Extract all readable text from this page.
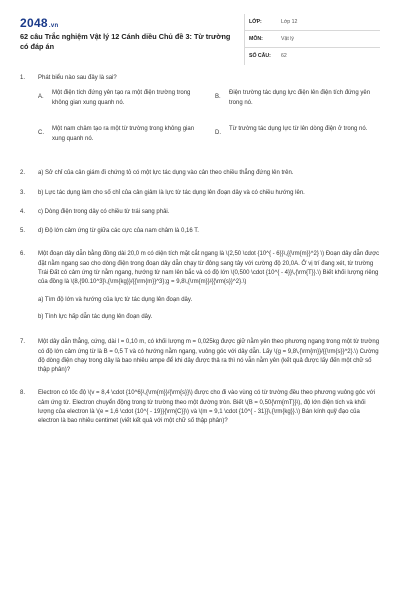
2048.vn
62 câu Trắc nghiệm Vật lý 12 Cánh diều Chủ đề 3: Từ trường có đáp án
LỚP:	Lớp 12
MÔN:	Vật lý
SỐ CÂU: 62
1. Phát biểu nào sau đây là sai?
A.
Một điện tích đứng yên tạo ra một điện trường trong không gian xung quanh nó.
B.
Điện trường tác dụng lực điện lên điện tích đứng yên trong nó.
C.
Một nam châm tạo ra một từ trường trong không gian xung quanh nó.
D.
Từ trường tác dụng lực từ lên dòng điện ở trong nó.
2. a) Sở chỉ của cân giám đi chứng tỏ có một lực tác dụng vào cân theo chiều thẳng đứng lên trên.
3. b) Lực tác dụng làm cho số chỉ của cân giảm là lực từ tác dụng lên đoạn dây và có chiều hướng lên.
4. c) Dòng điện trong dây có chiều từ trái sang phải.
5. d) Độ lớn cảm ứng từ giữa các cực của nam châm là 0,16 T.
6. Một đoạn dây dẫn bằng đồng dài 20,0 m có diện tích mặt cắt ngang là \(2,50 \cdot {10^{ - 6}}\,{{\rm{m}}^2} \) Đoạn dây dẫn được đặt nằm ngang sao cho dòng điện trong đoạn dây dẫn chạy từ đông sang tây với cường độ 20,0A. Ở vị trí đang xét, từ trường Trái Đất có cảm ứng từ nằm ngang, hướng từ nam lên bắc và có độ lớn \(0,500 \cdot {10^{ - 4}}\,{\rm{T}}.\) Biết khối lượng riêng của đồng là \(8,{90.10^3}\,{\rm{kg}}/{{\rm{m}}^3};g = 9,8\,{\rm{m}}/{{\rm{s}}^2}.\)
a) Tìm độ lớn và hướng của lực từ tác dụng lên đoạn dây.
b) Tính lực hấp dẫn tác dụng lên đoạn dây.
7. Một dây dẫn thẳng, cứng, dài l = 0,10 m, có khối lượng m = 0,025kg được giữ nằm yên theo phương ngang trong một từ trường có độ lớn cảm ứng từ là B = 0,5 T và có hướng nằm ngang, vuông góc với dây dẫn. Lấy \(g = 9,8\,{\rm{m}}/{{\rm{s}}^2}.\) Cường độ dòng điện chạy trong dây là bao nhiêu ampe để khi dây được thả ra thì nó vẫn nằm yên (kết quả được lấy đến một chữ số thập phân)?
8. Electron có tốc độ \(v = 8,4 \cdot {10^6}\,{\rm{m}}/{\rm{s}}\) được cho đi vào vùng có từ trường đều theo phương vuông góc với cảm ứng từ. Electron chuyển động trong từ trường theo một đường tròn. Biết \(B = 0,50{\rm{mT}}\), độ lớn điện tích và khối lượng của electron là \(e = 1,6 \cdot {10^{ - 19}}{\rm{C}}\) và \(m = 9,1 \cdot {10^{ - 31}}\,{\rm{kg}}.\) Bán kính quỹ đạo của electron là bao nhiêu centimet (viết kết quả với một chữ số thập phân)?
